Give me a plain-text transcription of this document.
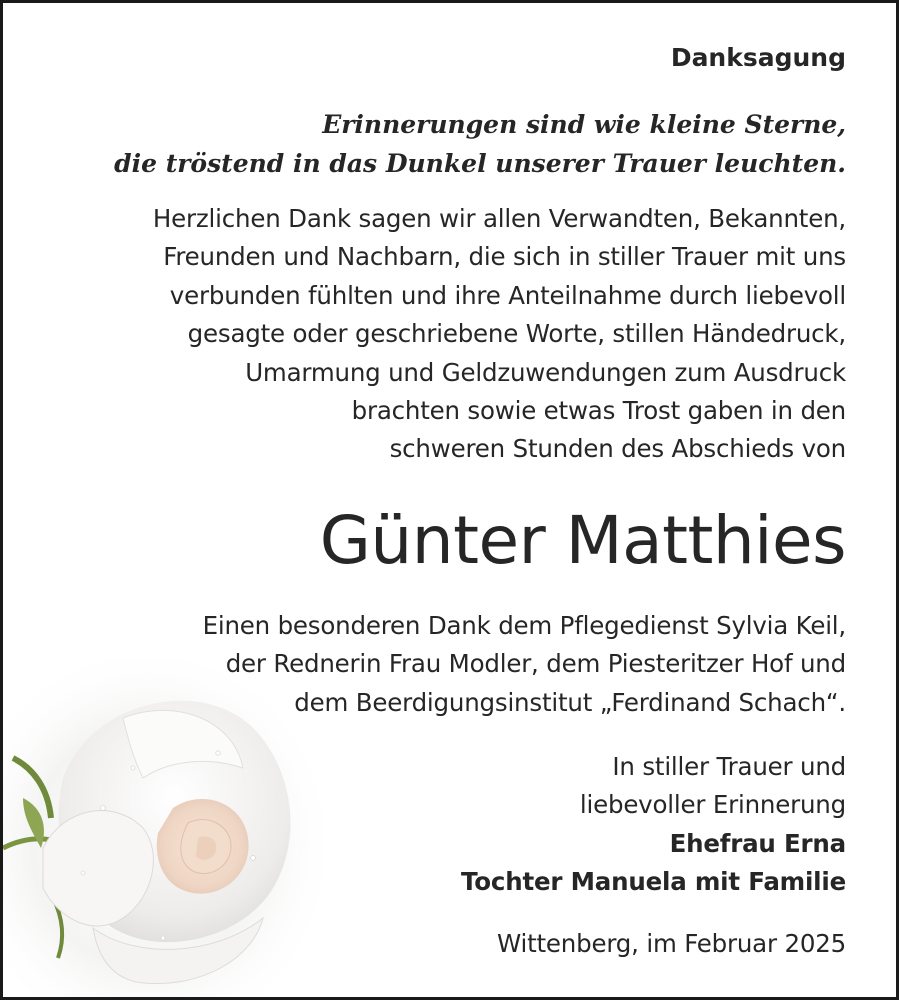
Danksagung
Erinnerungen sind wie kleine Sterne,
die tröstend in das Dunkel unserer Trauer leuchten.
Herzlichen Dank sagen wir allen Verwandten, Bekannten,
Freunden und Nachbarn, die sich in stiller Trauer mit uns
verbunden fühlten und ihre Anteilnahme durch liebevoll
gesagte oder geschriebene Worte, stillen Händedruck,
Umarmung und Geldzuwendungen zum Ausdruck
brachten sowie etwas Trost gaben in den
schweren Stunden des Abschieds von
Günter Matthies
Einen besonderen Dank dem Pflegedienst Sylvia Keil,
der Rednerin Frau Modler, dem Piesteritzer Hof und
dem Beerdigungsinstitut „Ferdinand Schach“.
In stiller Trauer und
liebevoller Erinnerung
Ehefrau Erna
Tochter Manuela mit Familie
Wittenberg, im Februar 2025
